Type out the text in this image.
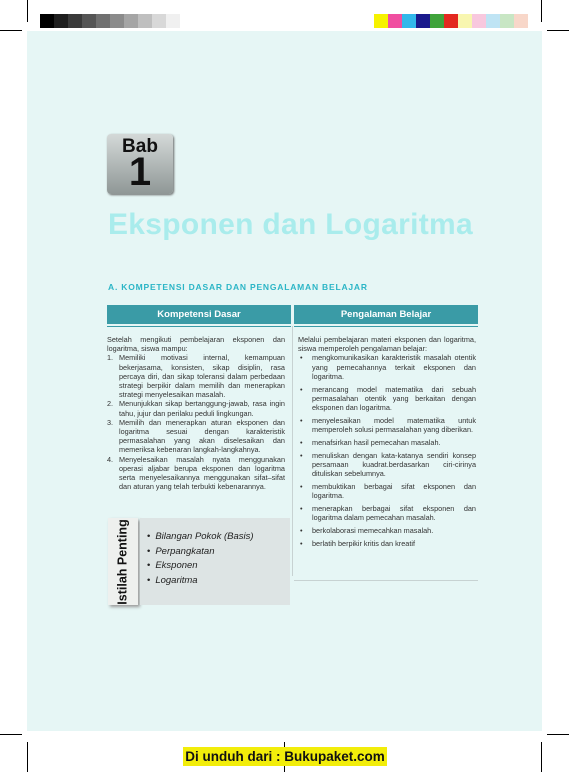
Bab
1
Eksponen dan Logaritma
A. KOMPETENSI DASAR DAN PENGALAMAN BELAJAR
Kompetensi Dasar	Pengalaman Belajar

Setelah mengikuti pembelajaran eksponen dan logaritma, siswa mampu:

1. Memiliki motivasi internal, kemampuan bekerjasama, konsisten, sikap disiplin, rasa percaya diri, dan sikap toleransi dalam perbedaan strategi berpikir dalam memilih dan menerapkan strategi menyelesaikan masalah.
2. Menunjukkan sikap bertanggung-jawab, rasa ingin tahu, jujur dan perilaku peduli lingkungan.
3. Memilih dan menerapkan aturan eksponen dan logaritma sesuai dengan karakteristik permasalahan yang akan diselesaikan dan memeriksa kebenaran langkah-langkahnya.
4. Menyelesaikan masalah nyata menggunakan operasi aljabar berupa eksponen dan logaritma serta menyelesaikannya menggunakan sifat–sifat dan aturan yang telah terbukti kebenarannya.

Melalui pembelajaran materi eksponen dan logaritma, siswa memperoleh pengalaman belajar:

• mengkomunikasikan karakteristik masalah otentik yang pemecahannya terkait eksponen dan logaritma.
• merancang model matematika dari sebuah permasalahan otentik yang berkaitan dengan eksponen dan logaritma.
• menyelesaikan model matematika untuk memperoleh solusi permasalahan yang diberikan.
• menafsirkan hasil pemecahan masalah.
• menuliskan dengan kata-katanya sendiri konsep persamaan kuadrat.berdasarkan ciri-cirinya dituliskan sebelumnya.
• membuktikan berbagai sifat eksponen dan logaritma.
• menerapkan berbagai sifat eksponen dan logaritma dalam pemecahan masalah.
• berkolaborasi memecahkan masalah.
• berlatih berpikir kritis dan kreatif
Istilah Penting • Bilangan Pokok (Basis)
• Perpangkatan
• Eksponen
• Logaritma
Di unduh dari : Bukupaket.com
